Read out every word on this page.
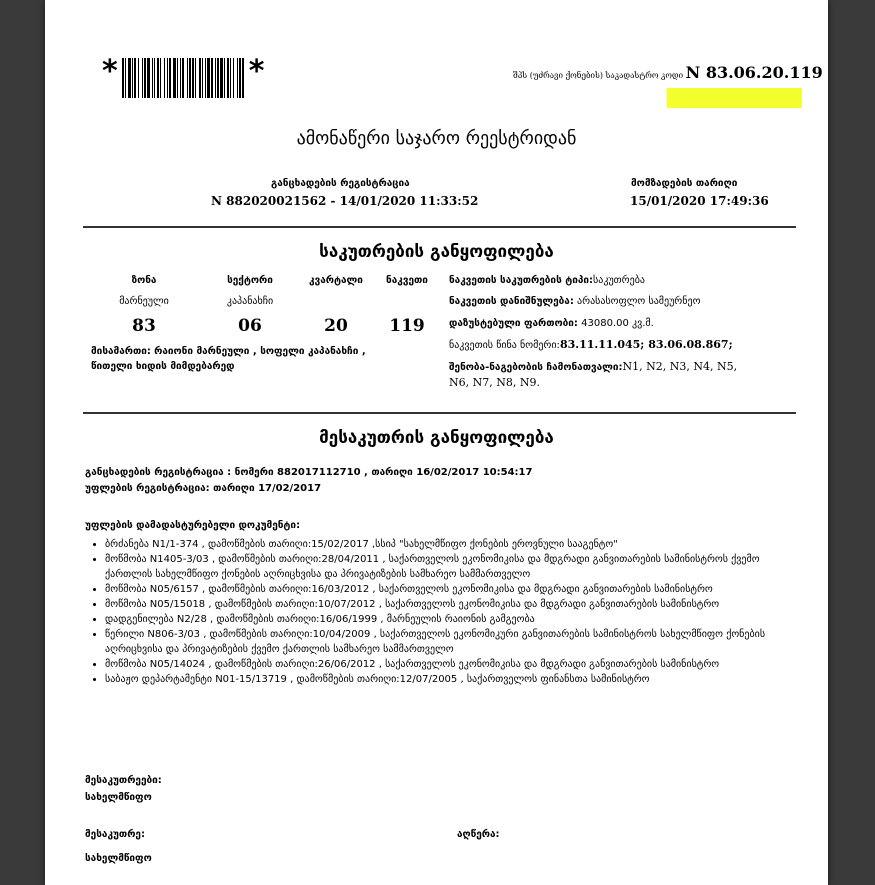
*	*	შპს (უძრავი ქონების) საკადასტრო კოდი N 83.06.20.119
ამონაწერი საჯარო რეესტრიდან
განცხადების რეგისტრაცია
N 882020021562 - 14/01/2020 11:33:52
მომზადების თარიღი
15/01/2020 17:49:36
საკუთრების განყოფილება
ზონა
მარნეული
83
სექტორი
კაპანახჩი
06
კვარტალი
20
ნაკვეთი
119
მისამართი: რაიონი მარნეული , სოფელი კაპანახჩი ,
წითელი ხიდის მიმდებარედ
ნაკვეთის საკუთრების ტიპი:საკუთრება
ნაკვეთის დანიშნულება: არასასოფლო სამეურნეო
დაზუსტებული ფართობი: 43080.00 კვ.მ.
ნაკვეთის წინა ნომერი:83.11.11.045; 83.06.08.867;
შენობა-ნაგებობის ჩამონათვალი:N1, N2, N3, N4, N5,
N6, N7, N8, N9.
მესაკუთრის განყოფილება
განცხადების რეგისტრაცია : ნომერი 882017112710 , თარიღი 16/02/2017 10:54:17
უფლების რეგისტრაცია: თარიღი 17/02/2017
უფლების დამადასტურებელი დოკუმენტი:
• ბრძანება N1/1-374 , დამოწმების თარიღი:15/02/2017 ,სსიპ "სახელმწიფო ქონების ეროვნული სააგენტო"
• მოწმობა N1405-3/03 , დამოწმების თარიღი:28/04/2011 , საქართველოს ეკონომიკისა და მდგრადი განვითარების სამინისტროს ქვემო ქართლის სახელმწიფო ქონების აღრიცხვისა და პრივატიზების სამხარეო სამმართველო
• მოწმობა N05/6157 , დამოწმების თარიღი:16/03/2012 , საქართველოს ეკონომიკისა და მდგრადი განვითარების სამინისტრო
• მოწმობა N05/15018 , დამოწმების თარიღი:10/07/2012 , საქართველოს ეკონომიკისა და მდგრადი განვითარების სამინისტრო
• დადგენილება N2/28 , დამოწმების თარიღი:16/06/1999 , მარნეულის რაიონის გამგეობა
• წერილი N806-3/03 , დამოწმების თარიღი:10/04/2009 , საქართველოს ეკონომიკური განვითარების სამინისტროს სახელმწიფო ქონების აღრიცხვისა და პრივატიზების ქვემო ქართლის სამხარეო სამმართველო
• მოწმობა N05/14024 , დამოწმების თარიღი:26/06/2012 , საქართველოს ეკონომიკისა და მდგრადი განვითარების სამინისტრო
• საბაჟო დეპარტამენტი N01-15/13719 , დამოწმების თარიღი:12/07/2005 , საქართველოს ფინანსთა სამინისტრო
მესაკუთრეები:
სახელმწიფო
მესაკუთრე:
სახელმწიფო
აღწერა:
